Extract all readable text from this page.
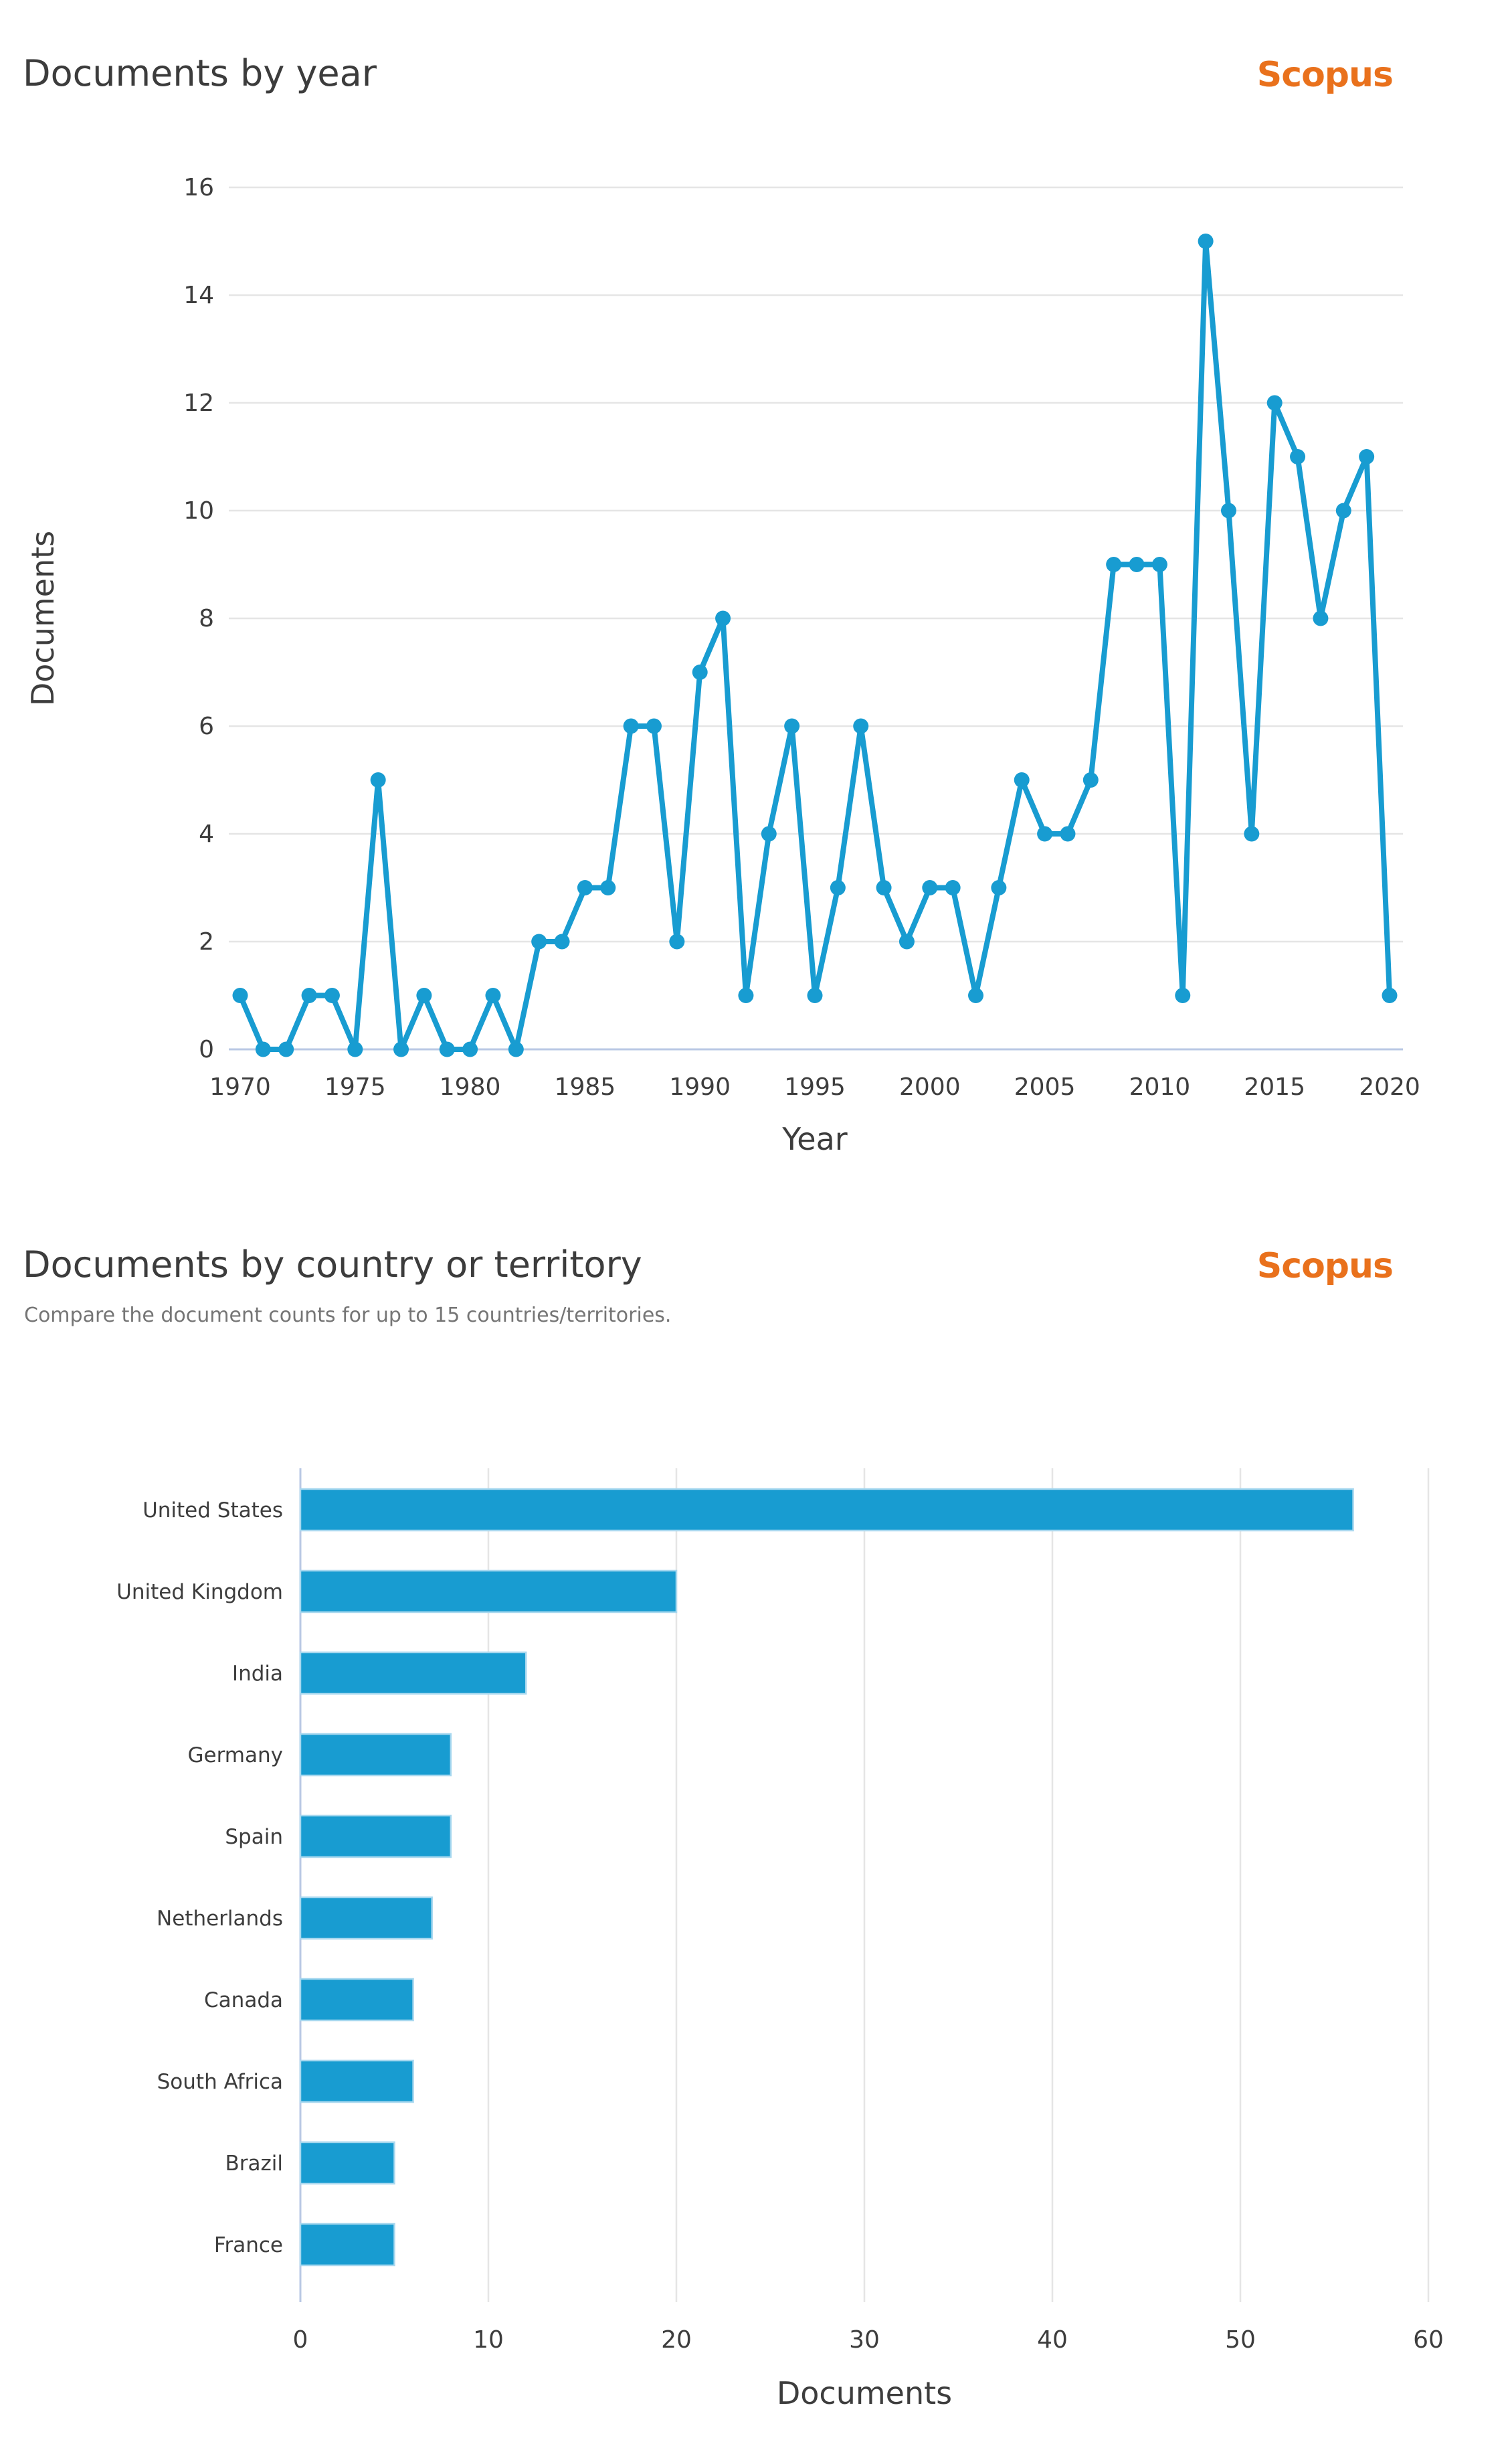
Documents by year	Scopus
0
2
4
6
8
10
12
14
16
1970 1975 1980 1985 1990 1995 2000 2005 2010 2015 2020
Documents
Year
Documents by country or territory
Compare the document counts for up to 15 countries/territories.
Scopus
0	10	20	30	40	50	60
United States
United Kingdom
India
Germany
Spain
Netherlands
Canada
South Africa
Brazil
France
Documents
